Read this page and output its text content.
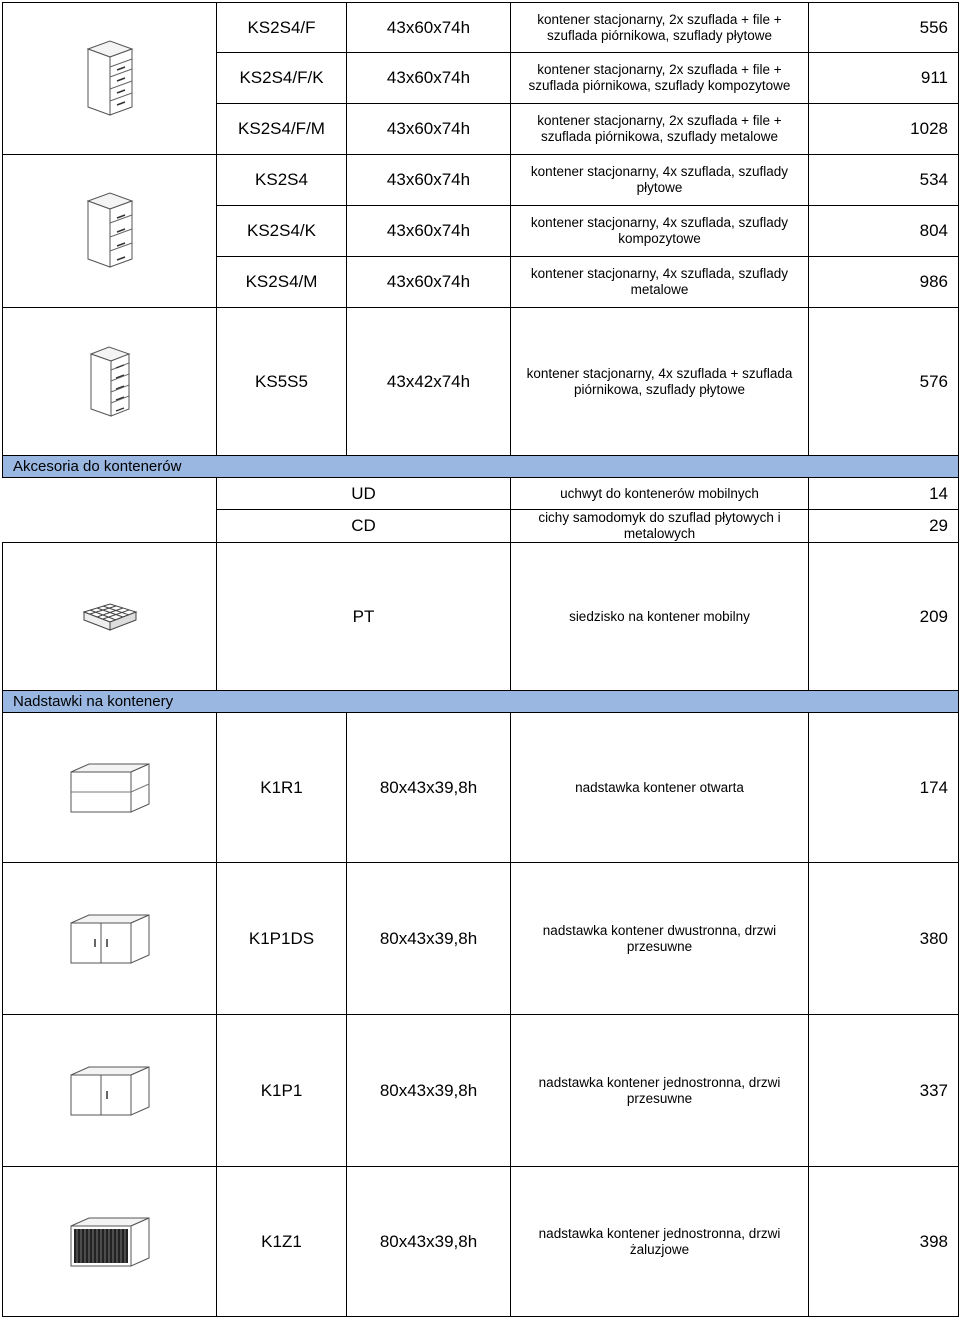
	KS2S4/F	43x60x74h	kontener stacjonarny, 2x szuflada + file + szuflada piórnikowa, szuflady płytowe	556
	KS2S4/F/K	43x60x74h	kontener stacjonarny, 2x szuflada + file + szuflada piórnikowa, szuflady kompozytowe	911
	KS2S4/F/M	43x60x74h	kontener stacjonarny, 2x szuflada + file + szuflada piórnikowa, szuflady metalowe	1028

	KS2S4	43x60x74h	kontener stacjonarny, 4x szuflada, szuflady płytowe	534
	KS2S4/K	43x60x74h	kontener stacjonarny, 4x szuflada, szuflady kompozytowe	804
	KS2S4/M	43x60x74h	kontener stacjonarny, 4x szuflada, szuflady metalowe	986

	KS5S5	43x42x74h	kontener stacjonarny, 4x szuflada + szuflada piórnikowa, szuflady płytowe	576
Akcesoria do kontenerów				
	UD		uchwyt do kontenerów mobilnych	14
	CD		cichy samodomyk do szuflad płytowych i metalowych	29

	PT		siedzisko na kontener mobilny	209
Nadstawki na kontenery				

	K1R1	80x43x39,8h	nadstawka kontener otwarta	174

	K1P1DS	80x43x39,8h	nadstawka kontener dwustronna, drzwi przesuwne	380

	K1P1	80x43x39,8h	nadstawka kontener jednostronna, drzwi przesuwne	337

	K1Z1	80x43x39,8h	nadstawka kontener jednostronna, drzwi żaluzjowe	398
